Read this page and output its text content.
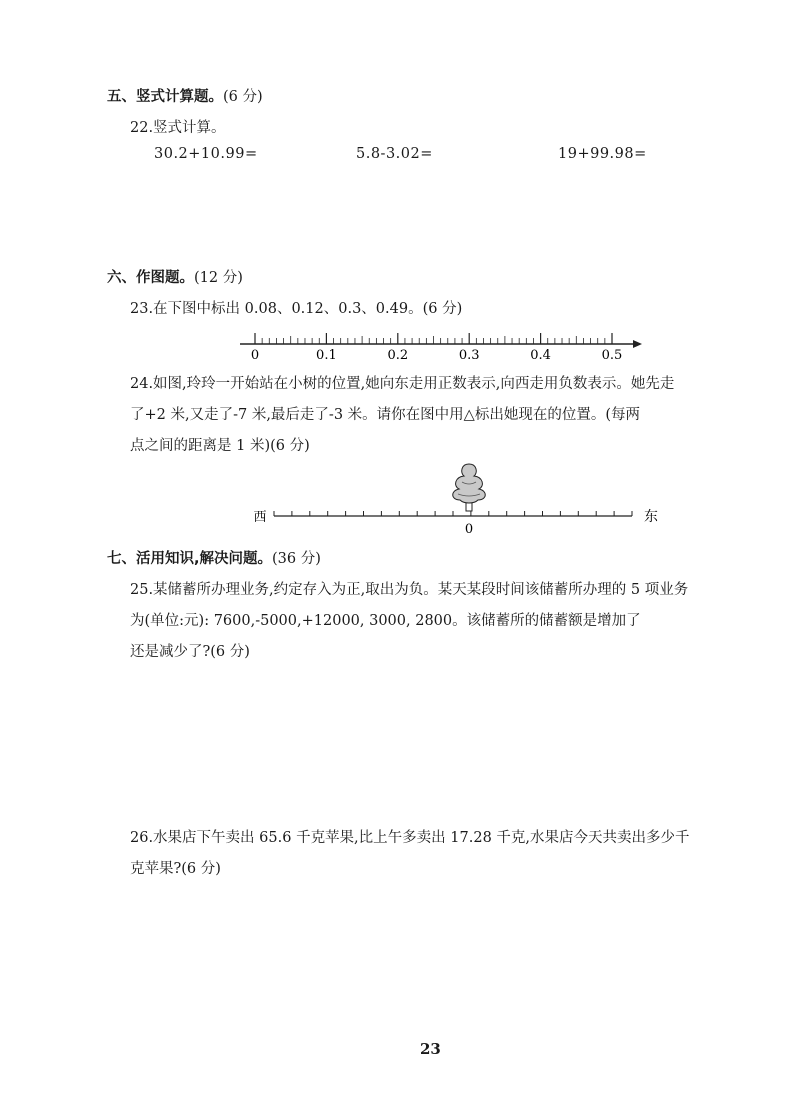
五、竖式计算题。(6 分)
22.竖式计算。
30.2+10.99=	5.8-3.02=	19+99.98=
六、作图题。(12 分)
23.在下图中标出 0.08、0.12、0.3、0.49。(6 分)
0	0.1	0.2	0.3	0.4	0.5
24.如图,玲玲一开始站在小树的位置,她向东走用正数表示,向西走用负数表示。她先走
了+2 米,又走了-7 米,最后走了-3 米。请你在图中用△标出她现在的位置。(每两
点之间的距离是 1 米)(6 分)
西	东
0
七、活用知识,解决问题。(36 分)
25.某储蓄所办理业务,约定存入为正,取出为负。某天某段时间该储蓄所办理的 5 项业务
为(单位:元): 7600,-5000,+12000, 3000, 2800。该储蓄所的储蓄额是增加了
还是减少了?(6 分)
26.水果店下午卖出 65.6 千克苹果,比上午多卖出 17.28 千克,水果店今天共卖出多少千
克苹果?(6 分)
23
